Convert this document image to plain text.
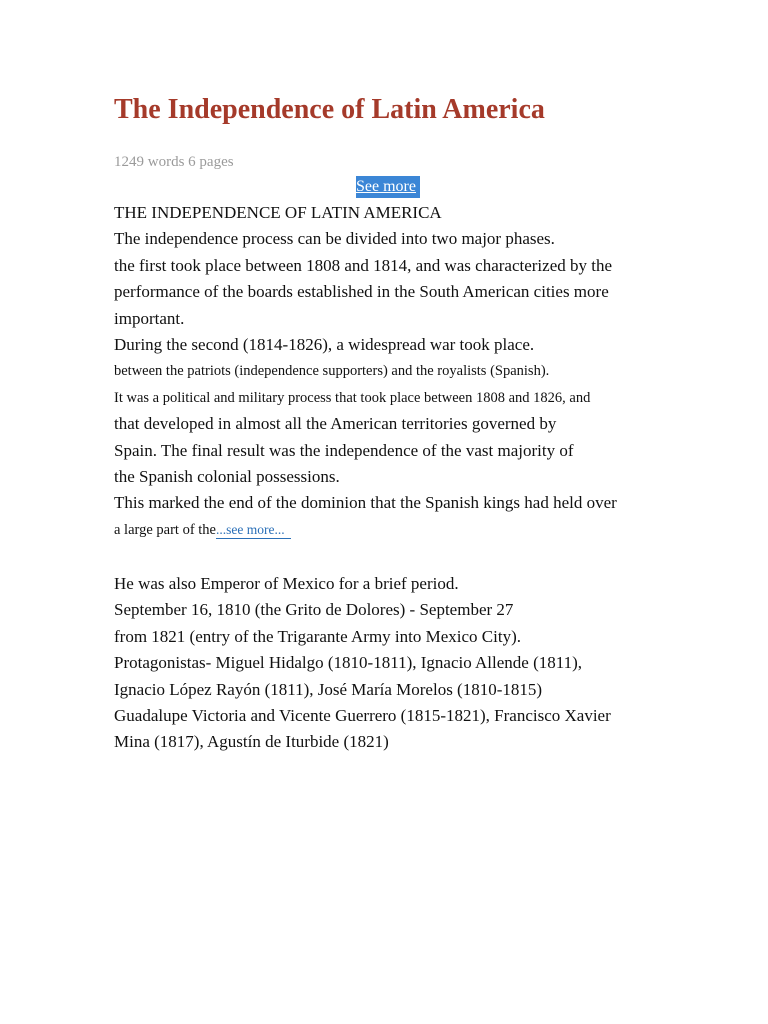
The Independence of Latin America
1249 words 6 pages
See more
THE INDEPENDENCE OF LATIN AMERICA
The independence process can be divided into two major phases.
the first took place between 1808 and 1814, and was characterized by the
performance of the boards established in the South American cities more
important.
During the second (1814-1826), a widespread war took place.
between the patriots (independence supporters) and the royalists (Spanish).
It was a political and military process that took place between 1808 and 1826, and
that developed in almost all the American territories governed by
Spain. The final result was the independence of the vast majority of
the Spanish colonial possessions.
This marked the end of the dominion that the Spanish kings had held over
a large part of the...see more...
He was also Emperor of Mexico for a brief period.
September 16, 1810 (the Grito de Dolores) - September 27
from 1821 (entry of the Trigarante Army into Mexico City).
Protagonistas- Miguel Hidalgo (1810-1811), Ignacio Allende (1811),
Ignacio López Rayón (1811), José María Morelos (1810-1815)
Guadalupe Victoria and Vicente Guerrero (1815-1821), Francisco Xavier
Mina (1817), Agustín de Iturbide (1821)
